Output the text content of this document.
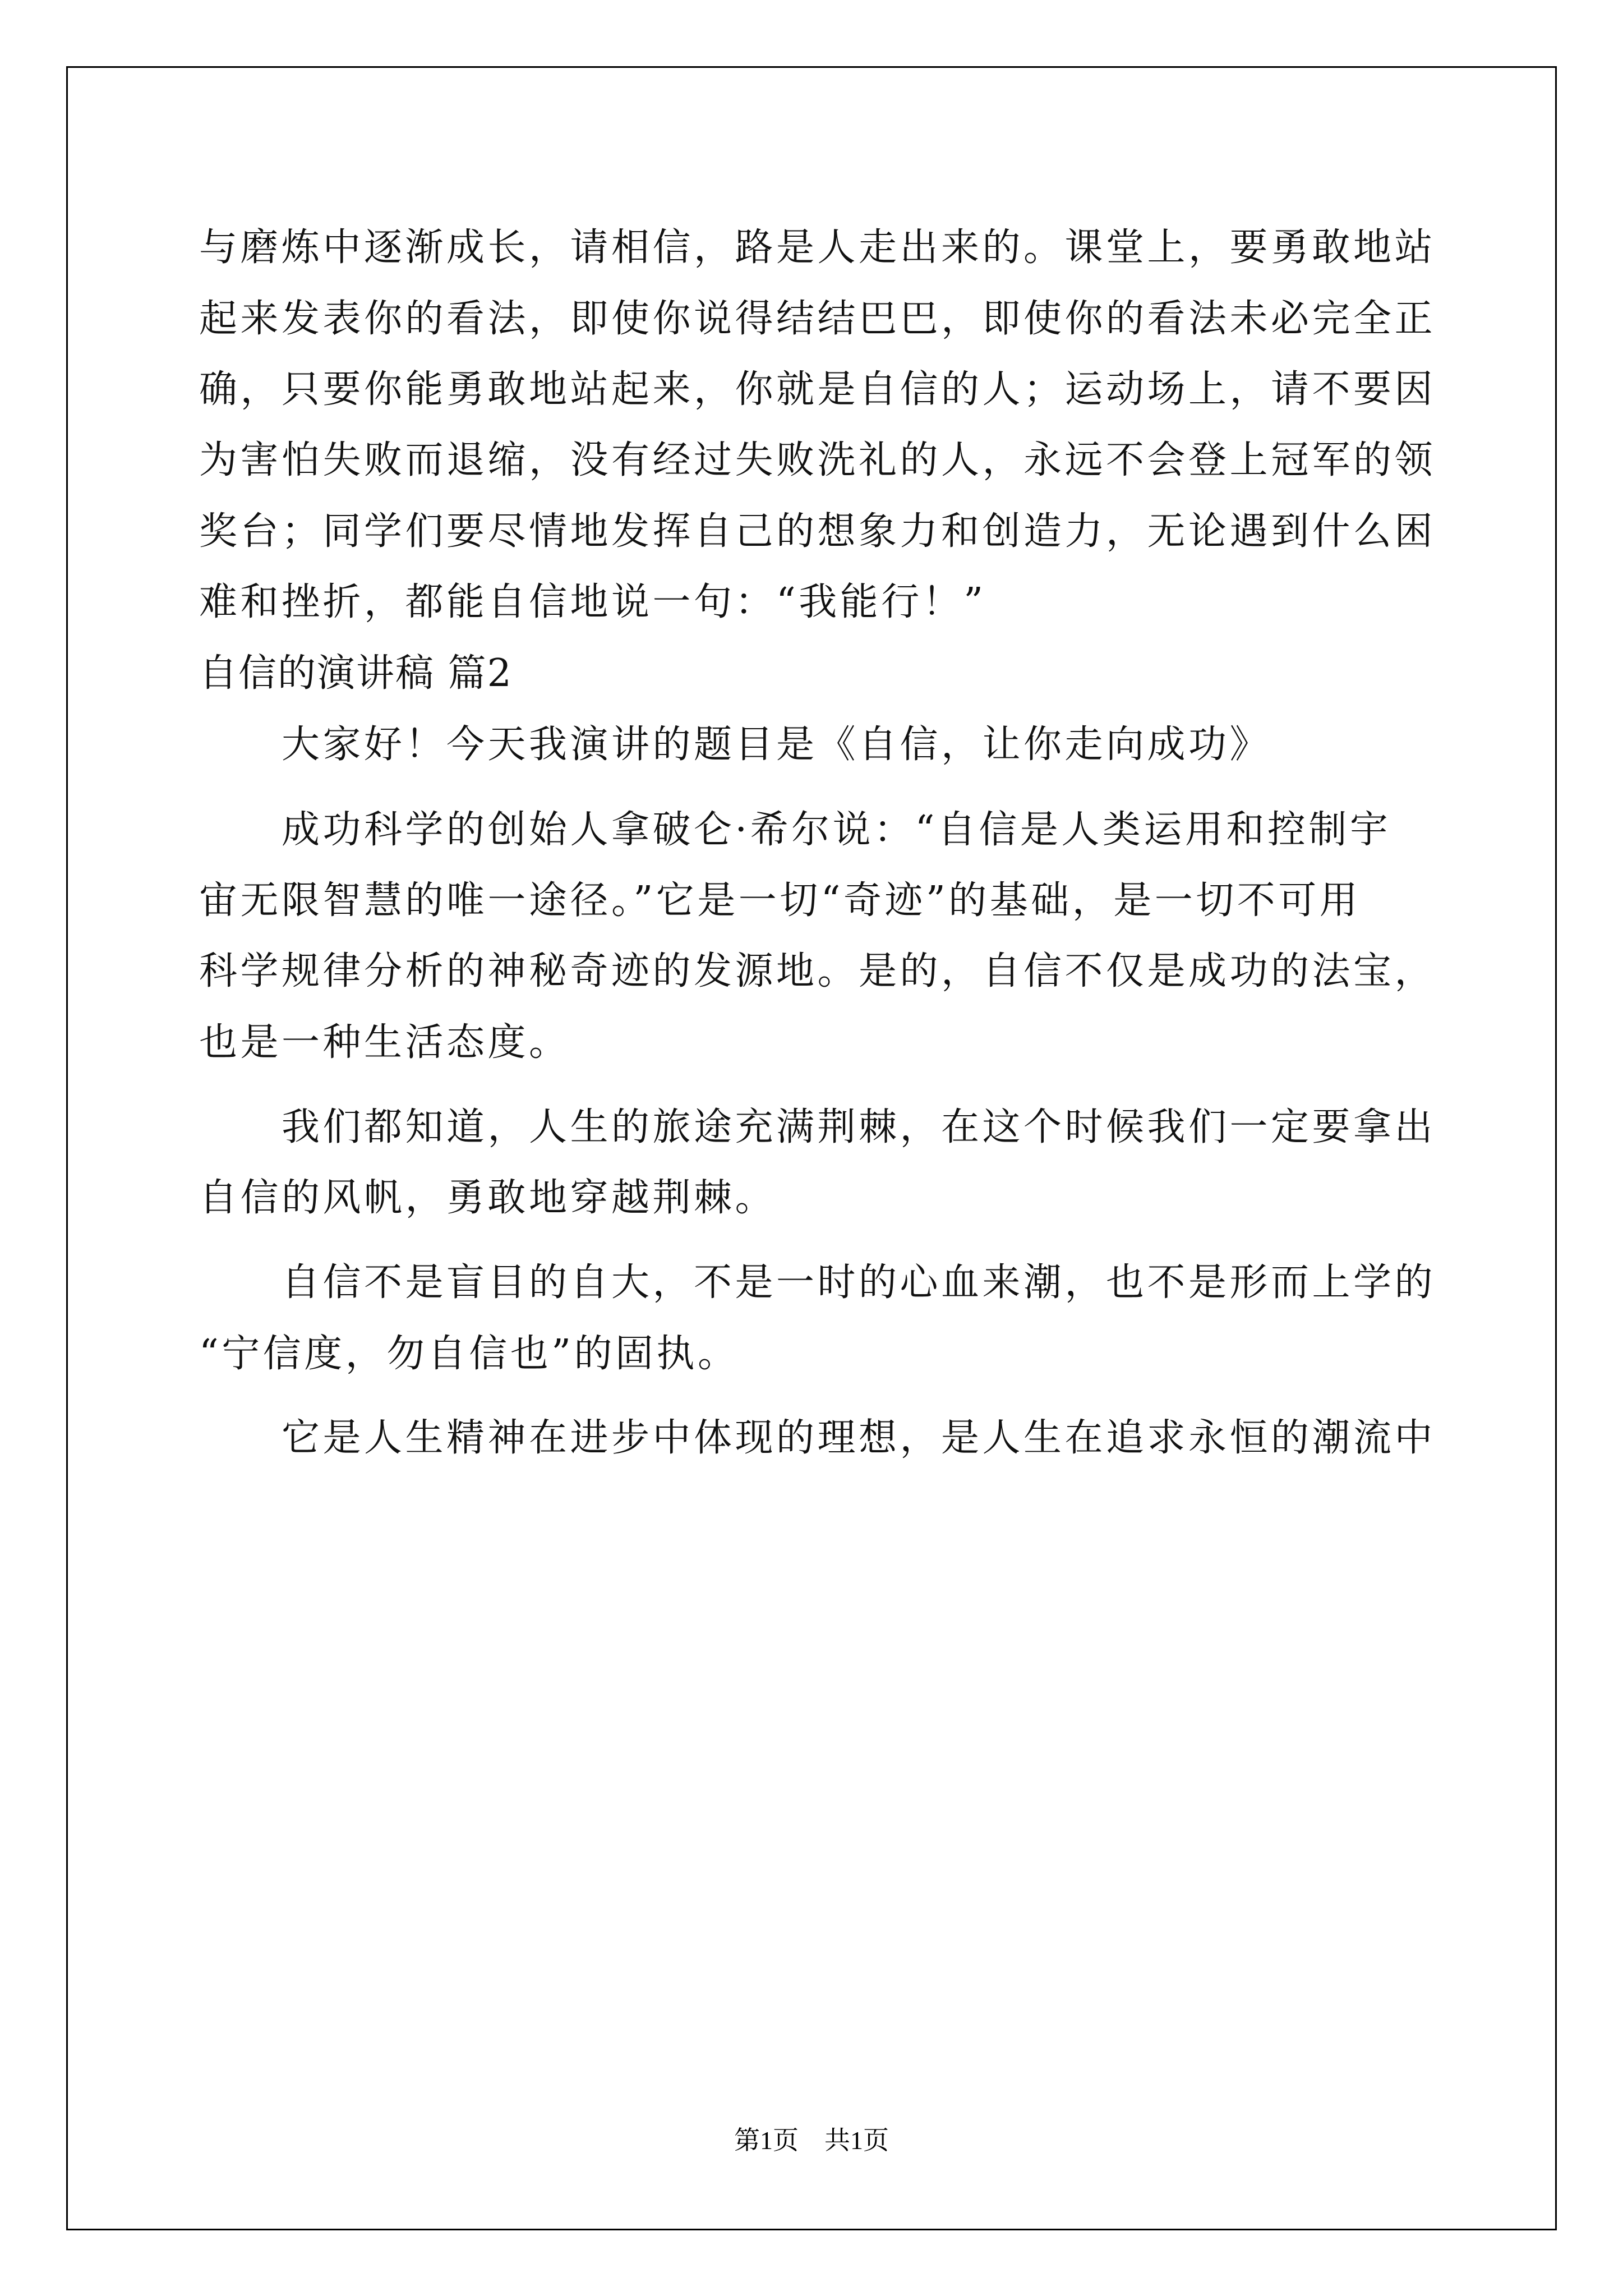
第1页    共1页
与磨炼中逐渐成长，请相信，路是人走出来的。课堂上，要勇敢地站
起来发表你的看法，即使你说得结结巴巴，即使你的看法未必完全正
确，只要你能勇敢地站起来，你就是自信的人；运动场上，请不要因
为害怕失败而退缩，没有经过失败洗礼的人，永远不会登上冠军的领
奖台；同学们要尽情地发挥自己的想象力和创造力，无论遇到什么困
难和挫折，都能自信地说一句：“我能行！”
自信的演讲稿 篇2
　　大家好！今天我演讲的题目是《自信，让你走向成功》
　　成功科学的创始人拿破仑·希尔说：“自信是人类运用和控制宇
宙无限智慧的唯一途径。”它是一切“奇迹”的基础，是一切不可用
科学规律分析的神秘奇迹的发源地。是的，自信不仅是成功的法宝，
也是一种生活态度。
　　我们都知道，人生的旅途充满荆棘，在这个时候我们一定要拿出
自信的风帆，勇敢地穿越荆棘。
　　自信不是盲目的自大，不是一时的心血来潮，也不是形而上学的
“宁信度，勿自信也”的固执。
　　它是人生精神在进步中体现的理想，是人生在追求永恒的潮流中
